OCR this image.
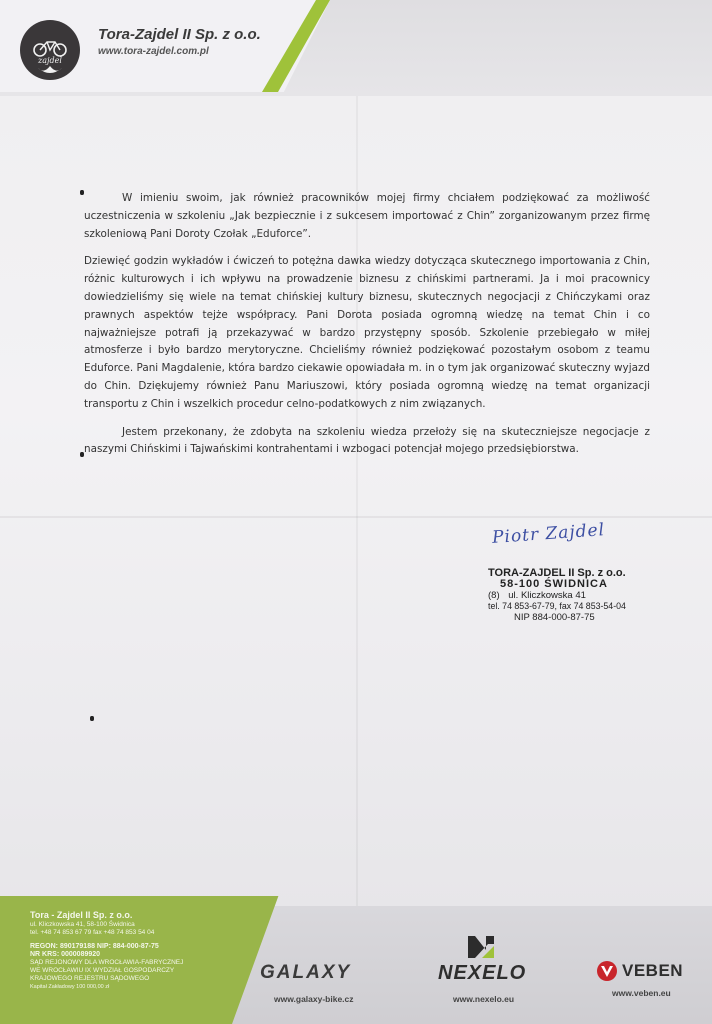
zajdel
Tora-Zajdel II Sp. z o.o.
www.tora-zajdel.com.pl

W imieniu swoim, jak również pracowników mojej firmy chciałem podziękować za możliwość uczestniczenia w szkoleniu „Jak bezpiecznie i z sukcesem importować z Chin” zorganizowanym przez firmę szkoleniową Pani Doroty Czołak „Eduforce”.

Dziewięć godzin wykładów i ćwiczeń to potężna dawka wiedzy dotycząca skutecznego importowania z Chin, różnic kulturowych i ich wpływu na prowadzenie biznesu z chińskimi partnerami. Ja i moi pracownicy dowiedzieliśmy się wiele na temat chińskiej kultury biznesu, skutecznych negocjacji z Chińczykami oraz prawnych aspektów tejże współpracy. Pani Dorota posiada ogromną wiedzę na temat Chin i co najważniejsze potrafi ją przekazywać w bardzo przystępny sposób. Szkolenie przebiegało w miłej atmosferze i było bardzo merytoryczne. Chcieliśmy również podziękować pozostałym osobom z teamu Eduforce. Pani Magdalenie, która bardzo ciekawie opowiadała m. in o tym jak organizować skuteczny wyjazd do Chin. Dziękujemy również Panu Mariuszowi, który posiada ogromną wiedzę na temat organizacji transportu z Chin i wszelkich procedur celno-podatkowych z nim związanych.

Jestem przekonany, że zdobyta na szkoleniu wiedza przełoży się na skuteczniejsze negocjacje z naszymi Chińskimi i Tajwańskimi kontrahentami i wzbogaci potencjał mojego przedsiębiorstwa.

Piotr Zajdel
TORA-ZAJDEL II Sp. z o.o.
58-100 ŚWIDNICA
(8) ul. Kliczkowska 41
tel. 74 853-67-79, fax 74 853-54-04
NIP 884-000-87-75
Tora - Zajdel II Sp. z o.o.
ul. Kliczkowska 41, 58-100 Świdnica
tel. +48 74 853 67 79 fax +48 74 853 54 04
REGON: 890179188 NIP: 884-000-87-75
NR KRS: 0000089920
SĄD REJONOWY DLA WROCŁAWIA-FABRYCZNEJ
WE WROCŁAWIU IX WYDZIAŁ GOSPODARCZY
KRAJOWEGO REJESTRU SĄDOWEGO
Kapitał Zakładowy 100 000,00 zł
GALAXY
www.galaxy-bike.cz
NEXELO
www.nexelo.eu
VEBEN
www.veben.eu
